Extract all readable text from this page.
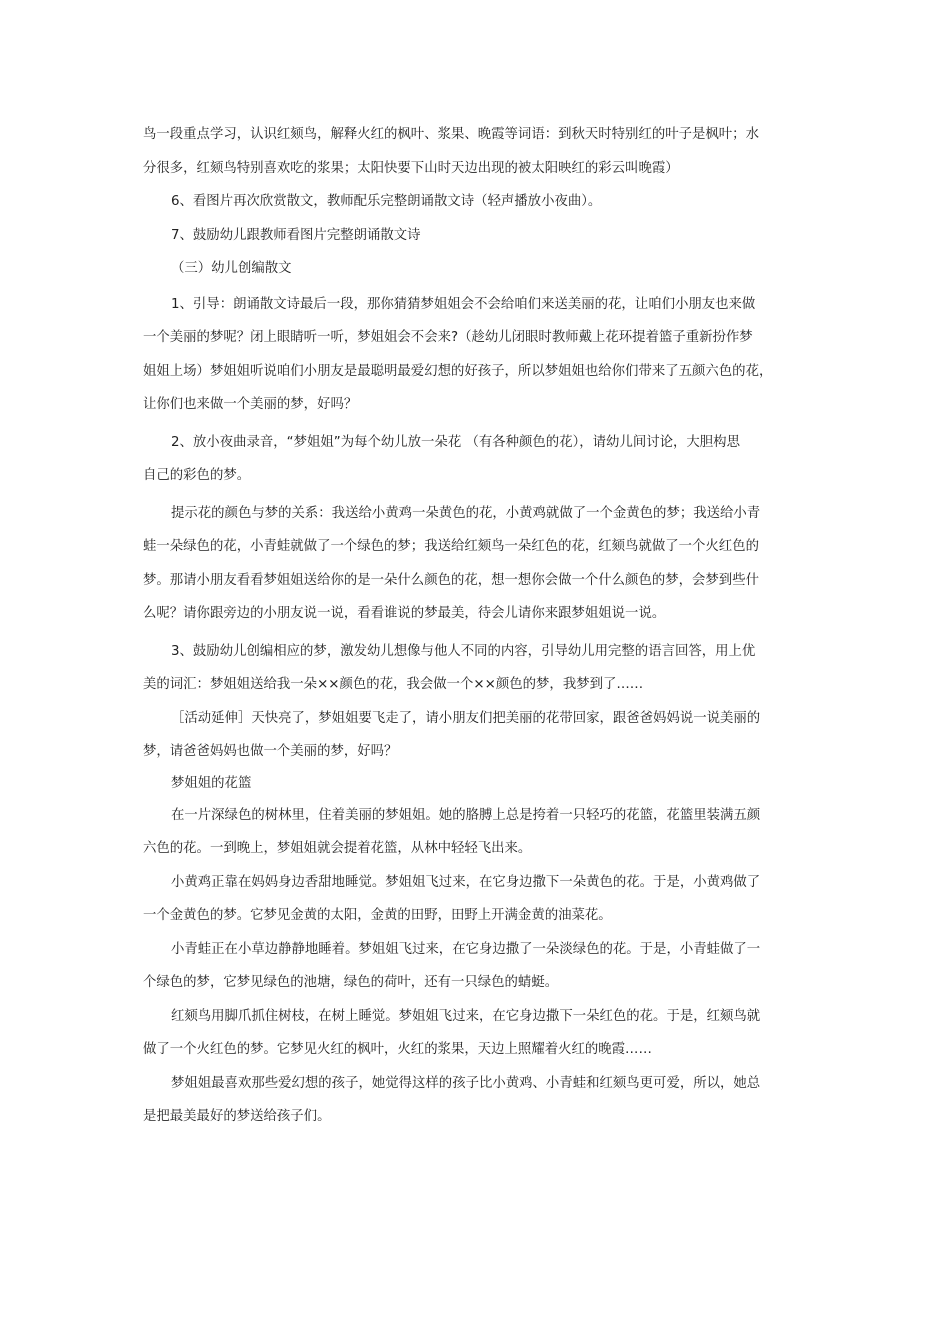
鸟一段重点学习，认识红颏鸟，解释火红的枫叶、浆果、晚霞等词语：到秋天时特别红的叶子是枫叶；水
分很多，红颏鸟特别喜欢吃的浆果；太阳快要下山时天边出现的被太阳映红的彩云叫晚霞）

6、看图片再次欣赏散文，教师配乐完整朗诵散文诗（轻声播放小夜曲）。

7、鼓励幼儿跟教师看图片完整朗诵散文诗

（三）幼儿创编散文

1、引导：朗诵散文诗最后一段，那你猜猜梦姐姐会不会给咱们来送美丽的花，让咱们小朋友也来做
一个美丽的梦呢？闭上眼睛听一听，梦姐姐会不会来?（趁幼儿闭眼时教师戴上花环提着篮子重新扮作梦
姐姐上场）梦姐姐听说咱们小朋友是最聪明最爱幻想的好孩子，所以梦姐姐也给你们带来了五颜六色的花，
让你们也来做一个美丽的梦，好吗？

2、放小夜曲录音，“梦姐姐”为每个幼儿放一朵花 （有各种颜色的花），请幼儿间讨论，大胆构思
自己的彩色的梦。

提示花的颜色与梦的关系：我送给小黄鸡一朵黄色的花，小黄鸡就做了一个金黄色的梦；我送给小青
蛙一朵绿色的花，小青蛙就做了一个绿色的梦；我送给红颏鸟一朵红色的花，红颏鸟就做了一个火红色的
梦。那请小朋友看看梦姐姐送给你的是一朵什么颜色的花，想一想你会做一个什么颜色的梦，会梦到些什
么呢？请你跟旁边的小朋友说一说，看看谁说的梦最美，待会儿请你来跟梦姐姐说一说。

3、鼓励幼儿创编相应的梦，激发幼儿想像与他人不同的内容，引导幼儿用完整的语言回答，用上优
美的词汇：梦姐姐送给我一朵××颜色的花，我会做一个××颜色的梦，我梦到了……

［活动延伸］天快亮了，梦姐姐要飞走了，请小朋友们把美丽的花带回家，跟爸爸妈妈说一说美丽的
梦，请爸爸妈妈也做一个美丽的梦，好吗？

梦姐姐的花篮

在一片深绿色的树林里，住着美丽的梦姐姐。她的胳膊上总是挎着一只轻巧的花篮，花篮里装满五颜
六色的花。一到晚上，梦姐姐就会提着花篮，从林中轻轻飞出来。

小黄鸡正靠在妈妈身边香甜地睡觉。梦姐姐飞过来，在它身边撒下一朵黄色的花。于是，小黄鸡做了
一个金黄色的梦。它梦见金黄的太阳，金黄的田野，田野上开满金黄的油菜花。

小青蛙正在小草边静静地睡着。梦姐姐飞过来，在它身边撒了一朵淡绿色的花。于是，小青蛙做了一
个绿色的梦，它梦见绿色的池塘，绿色的荷叶，还有一只绿色的蜻蜓。

红颏鸟用脚爪抓住树枝，在树上睡觉。梦姐姐飞过来，在它身边撒下一朵红色的花。于是，红颏鸟就
做了一个火红色的梦。它梦见火红的枫叶，火红的浆果，天边上照耀着火红的晚霞……

梦姐姐最喜欢那些爱幻想的孩子，她觉得这样的孩子比小黄鸡、小青蛙和红颏鸟更可爱，所以，她总
是把最美最好的梦送给孩子们。
